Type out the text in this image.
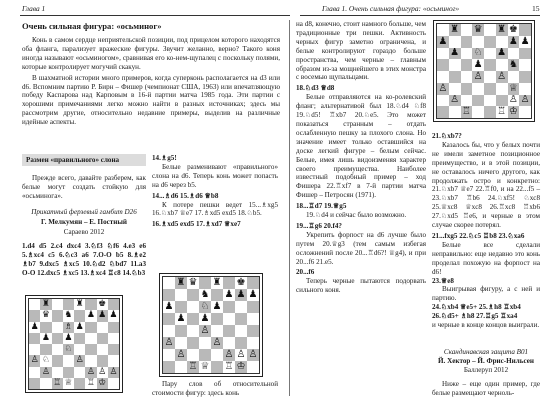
Глава 1	Глава 1. Очень сильная фигура: «осьминог»	15
Очень сильная фигура: «осьминог»
Конь в самом сердце неприятельской позиции, под прицелом которого находятся оба фланга, парализует вражеские фигуры. Звучит желанно, верно? Такого коня иногда называют «осьминогом», сравнивая его ко-нем-щупалец с поскольку полями, которые контролирует могучий скакун.
В шахматной истории много примеров, когда суперконь располагается на d3 или d6. Вспомним партию Р. Бирн – Фишер (чемпионат США, 1963) или впечатляющую победу Каспарова над Карповым в 16-й партии матча 1985 года. Эти партии с хорошими примечаниями легко можно найти в разных источниках; здесь мы рассмотрим другие, относительно недавние примеры, выделив на различные идейные аспекты.
Размен «правильного» слона
Прежде всего, давайте разберем, как белые могут создать стойкую для «осьминога».
Прикатный ферзевый гамбит D26
Г. Мелкумян – Е. Постный
Сараево 2012
1.d4 d5 2.c4 dxc4 3.♘f3 ♘f6 4.e3 e6 5.♗xc4 c5 6.♘c3 a6 7.O-O b5 8.♗e2 ♗b7 9.dxc5 ♗xc5 10.♘d2 ♘bd7 11.a3 O-O 12.dxc5 ♗xc5 13.♗xc4 ♖c8 14.♘b3
♜	♜ ♚
♛ ♞ ♟ ♟ ♟
♟	♗ ♟
♟ ♟
♘
♙ ♘	♙
♙	♙ ♙ ♙
♖ ♕ ♖ ♔
14.♗g5!
Белые разменивают «правильного» слона на d6. Теперь конь может попасть на d6 через b5.
14...♗d6 15.♗d6 ♕b8
К потере пешки ведет 15...♗xg5 16.♘xb7 ♕e7 17.♗xd5 exd5 18.♘b5.
16.♗xd5 exd5 17.♗xd7 ♕xe7
♜ ♛ ♜ ♚
♞ ♟ ♟ ♟
♟	♘ ♟
♟ ♟
♙
♙	♙
♙	♙ ♙ ♙
♖ ♕ ♖ ♔
Пару слов об относительной стоимости фигур: здесь конь
на d8, конечно, стоит намного больше, чем традиционные три пешки. Активность черных фигур заметно ограничена, и белые контролируют гораздо больше пространства, чем черные – главным образом из-за мощнейшего в этих монстра с восемью щупальцами.
18.♘d3 ♕d8
Белые отправляются на ко-ролевский фланг; альтернативой был 18.♘d4 ♘f8 19.♘d5! ♖xb7 20.♘e5. Это может показаться странным – отдать ослабленную пешку за плохого слона. Но значение имеет только оставшийся на доске легкий фигуре – белым сейчас. Белые, имея лишь видоизменяя характер своего преимущества. Наиболее известный подобный пример – ход Фишера 22.♖xf7 в 7-й партии матча Фишер – Петросян (1971).
18...♖d7 19.♕g5
19.♘d4 и сейчас было возможно.
19...♖g6 20.f4?
Укрепить форпост на d6 лучше было путем 20.♕g3 (тем самым избегая осложнений после 20...♖d6?! ♕g4), и при 20...f6 21.e5.
20...f6
Теперь черные пытаются подорвать сильного коня.
♜ ♛ ♜ ♚
♟	♟ ♟
♟ ♘ ♟
♟	♞
♙ ♙
♙	♕
♙	♙ ♙
♖	♖ ♔
21.♘xb7?
Казалось бы, что у белых почти не имели заметное позиционное преимущество, и в этой позиции, не оставалось ничего другого, как продолжать остро и конкретно: 21.♘xb7 ♕e7 22.♖f0, и на 22...f5 – 23.♘xb7 ♖b6 24.♘xf5! ♘xc8 25.♕xc8 ♕xc8 26.♖xc8 ♖xb6 27.♘xd5 ♖e6, и черные в этом случае скорее потерял.
21...fxg5 22.♘c5 ♖b8 23.♘xa6
Белые все сделали неправильно: еще недавно это конь проделал похожую на форпост на d6!
23.♕e8
Выигрывая фигуру, а с ней и партию.
24.♘xb4 ♕e5+ 25.♗h8 ♖xb4 26.♘d5+ ♗h8 27.♖g5 ♖xa4
и черные в конце концов выиграли.
Скандинавская защита B01
Й. Хектор – Й. Фрис-Нильсен
Баллеруп 2012
Ниже – еще один пример, где белые размещают черноль-
